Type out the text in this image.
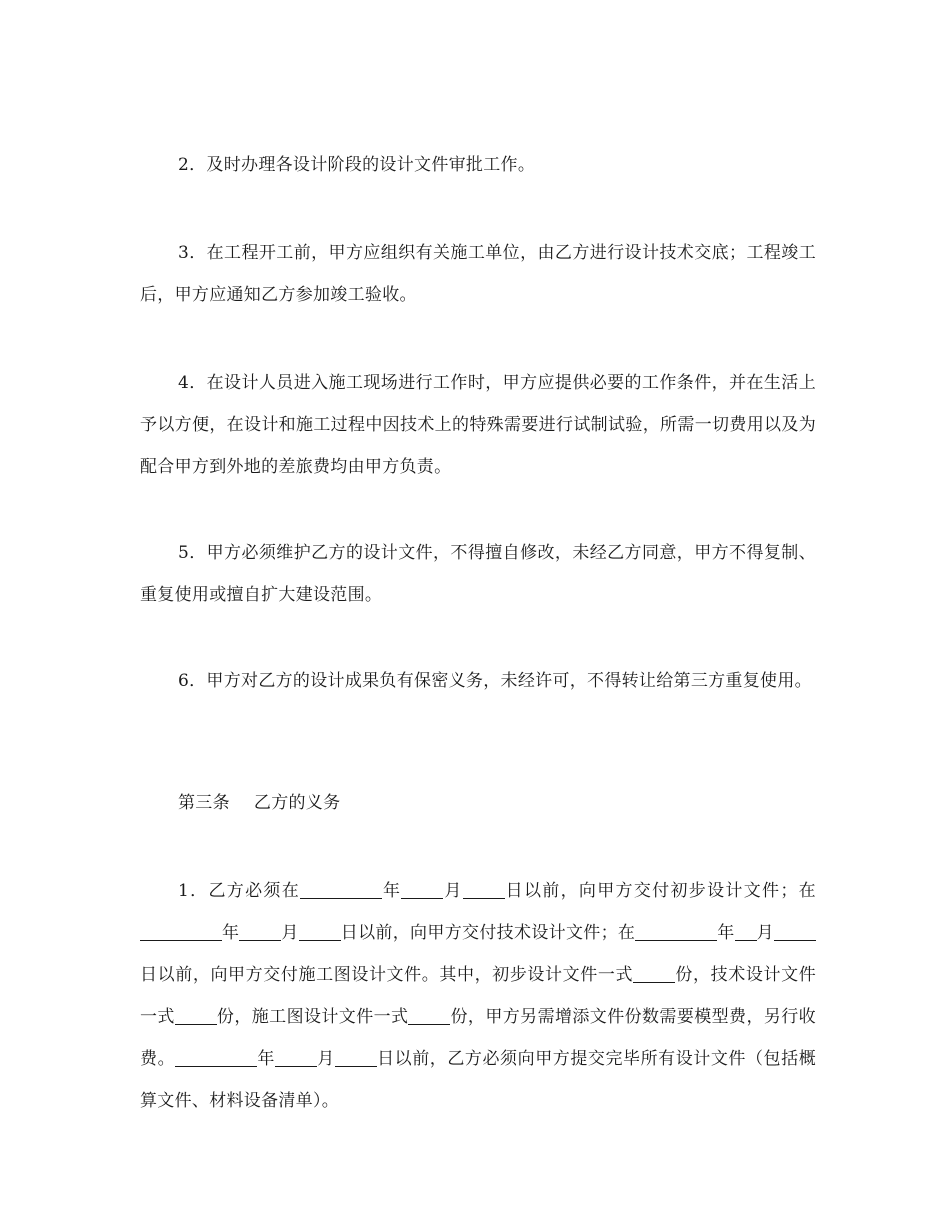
2．及时办理各设计阶段的设计文件审批工作。

3．在工程开工前，甲方应组织有关施工单位，由乙方进行设计技术交底；工程竣工后，甲方应通知乙方参加竣工验收。

4．在设计人员进入施工现场进行工作时，甲方应提供必要的工作条件，并在生活上予以方便，在设计和施工过程中因技术上的特殊需要进行试制试验，所需一切费用以及为配合甲方到外地的差旅费均由甲方负责。

5．甲方必须维护乙方的设计文件，不得擅自修改，未经乙方同意，甲方不得复制、重复使用或擅自扩大建设范围。

6．甲方对乙方的设计成果负有保密义务，未经许可，不得转让给第三方重复使用。

第三条 乙方的义务

1．乙方必须在	年 月 日以前，向甲方交付初步设计文件；在年 月 日以前，向甲方交付技术设计文件；在	年 月日以前，向甲方交付施工图设计文件。其中，初步设计文件一式 份，技术设计文件一式 份，施工图设计文件一式 份，甲方另需增添文件份数需要模型费，另行收费。	年 月 日以前，乙方必须向甲方提交完毕所有设计文件（包括概算文件、材料设备清单）。
